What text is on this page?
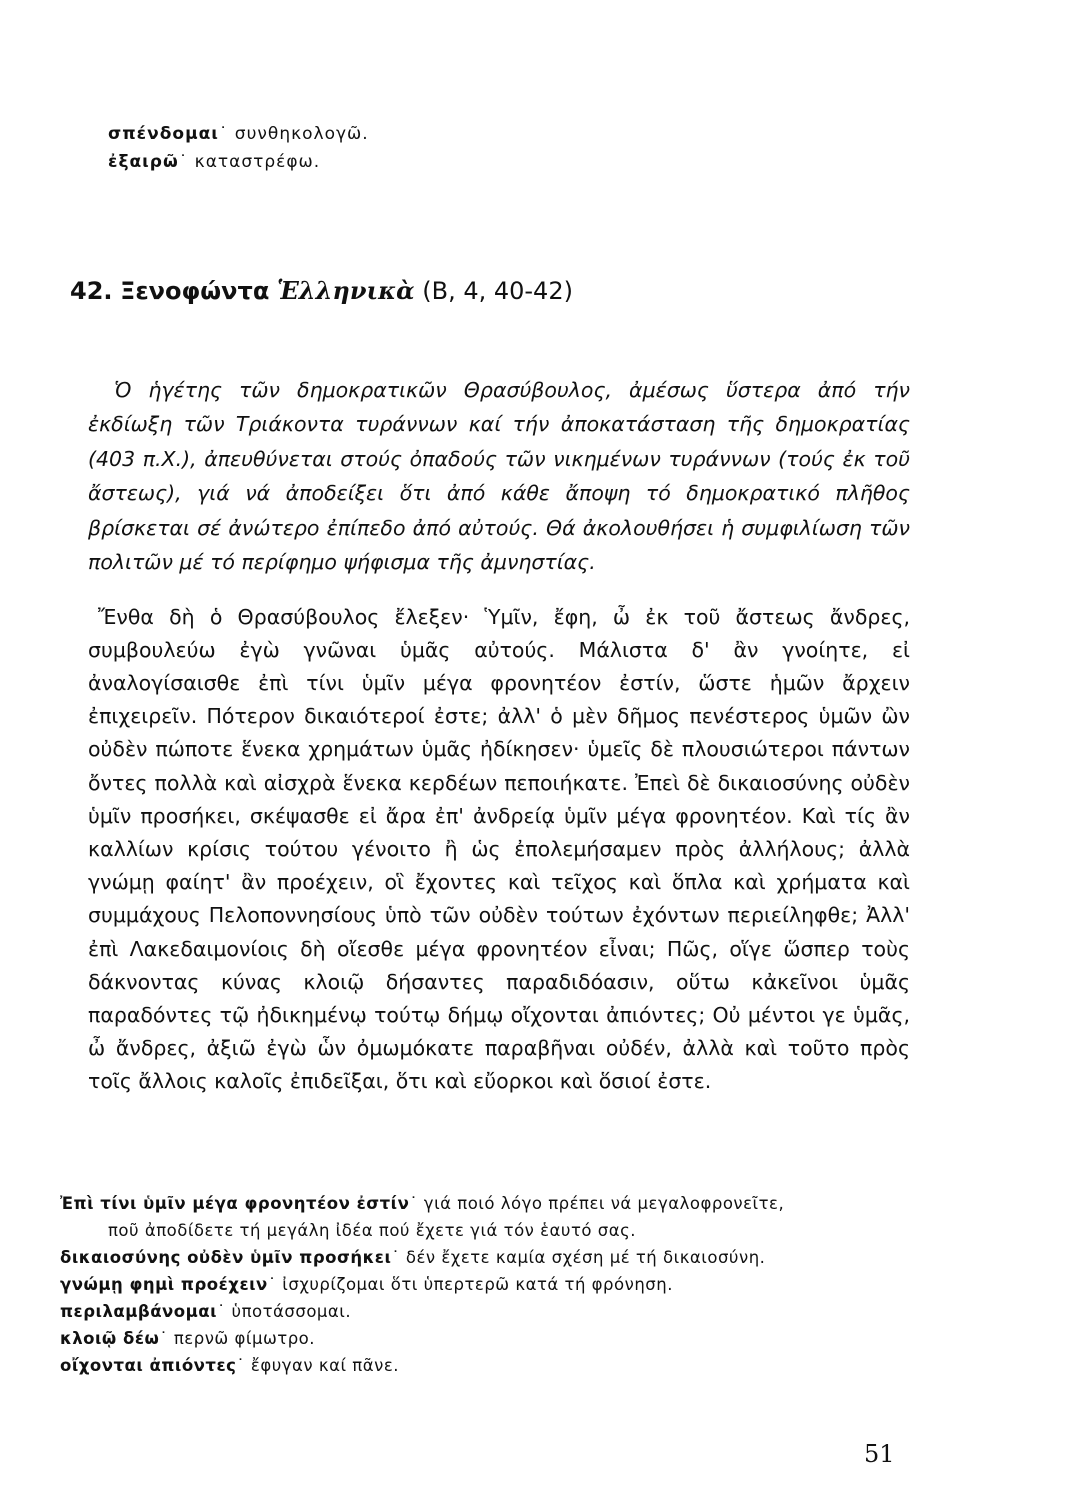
σπένδομαι˙ συνθηκολογῶ.
ἐξαιρῶ˙ καταστρέφω.
42. Ξενοφώντα Ἑλληνικὰ (Β, 4, 40-42)

Ὁ ἡγέτης τῶν δημοκρατικῶν Θρασύβουλος, ἀμέσως ὕστερα ἀπό τήν ἐκδίωξη τῶν Τριάκοντα τυράννων καί τήν ἀποκατάσταση τῆς δημοκρατίας (403 π.Χ.), ἀπευθύνεται στούς ὀπαδούς τῶν νικημένων τυράννων (τούς ἐκ τοῦ ἄστεως), γιά νά ἀποδείξει ὅτι ἀπό κάθε ἄποψη τό δημοκρατικό πλῆθος βρίσκεται σέ ἀνώτερο ἐπίπεδο ἀπό αὐτούς. Θά ἀκολουθήσει ἡ συμφιλίωση τῶν πολιτῶν μέ τό περίφημο ψήφισμα τῆς ἀμνηστίας.

Ἔνθα δὴ ὁ Θρασύβουλος ἔλεξεν· Ὑμῖν, ἔφη, ὦ ἐκ τοῦ ἄστεως ἄνδρες, συμβουλεύω ἐγὼ γνῶναι ὑμᾶς αὐτούς. Μάλιστα δ' ἂν γνοίητε, εἰ ἀναλογίσαισθε ἐπὶ τίνι ὑμῖν μέγα φρονητέον ἐστίν, ὥστε ἡμῶν ἄρχειν ἐπιχειρεῖν. Πότερον δικαιότεροί ἐστε; ἀλλ' ὁ μὲν δῆμος πενέστερος ὑμῶν ὢν οὐδὲν πώποτε ἕνεκα χρημάτων ὑμᾶς ἠδίκησεν· ὑμεῖς δὲ πλουσιώτεροι πάντων ὄντες πολλὰ καὶ αἰσχρὰ ἕνεκα κερδέων πεποιήκατε. Ἐπεὶ δὲ δικαιοσύνης οὐδὲν ὑμῖν προσήκει, σκέψασθε εἰ ἄρα ἐπ' ἀνδρείᾳ ὑμῖν μέγα φρονητέον. Καὶ τίς ἂν καλλίων κρίσις τούτου γένοιτο ἢ ὡς ἐπολεμήσαμεν πρὸς ἀλλήλους; ἀλλὰ γνώμῃ φαίητ' ἂν προέχειν, οἳ ἔχοντες καὶ τεῖχος καὶ ὅπλα καὶ χρήματα καὶ συμμάχους Πελοποννησίους ὑπὸ τῶν οὐδὲν τούτων ἐχόντων περιείληφθε; Ἀλλ' ἐπὶ Λακεδαιμονίοις δὴ οἴεσθε μέγα φρονητέον εἶναι; Πῶς, οἵγε ὥσπερ τοὺς δάκνοντας κύνας κλοιῷ δήσαντες παραδιδόασιν, οὕτω κἀκεῖνοι ὑμᾶς παραδόντες τῷ ἠδικημένῳ τούτῳ δήμῳ οἴχονται ἀπιόντες; Οὐ μέντοι γε ὑμᾶς, ὦ ἄνδρες, ἀξιῶ ἐγὼ ὧν ὀμωμόκατε παραβῆναι οὐδέν, ἀλλὰ καὶ τοῦτο πρὸς τοῖς ἄλλοις καλοῖς ἐπιδεῖξαι, ὅτι καὶ εὔορκοι καὶ ὅσιοί ἐστε.

Ἐπὶ τίνι ὑμῖν μέγα φρονητέον ἐστίν˙ γιά ποιό λόγο πρέπει νά μεγαλοφρονεῖτε,
ποῦ ἀποδίδετε τή μεγάλη ἰδέα πού ἔχετε γιά τόν ἑαυτό σας.
δικαιοσύνης οὐδὲν ὑμῖν προσήκει˙ δέν ἔχετε καμία σχέση μέ τή δικαιοσύνη.
γνώμῃ φημὶ προέχειν˙ ἰσχυρίζομαι ὅτι ὑπερτερῶ κατά τή φρόνηση.
περιλαμβάνομαι˙ ὑποτάσσομαι.
κλοιῷ δέω˙ περνῶ φίμωτρο.
οἴχονται ἀπιόντες˙ ἔφυγαν καί πᾶνε.
51
